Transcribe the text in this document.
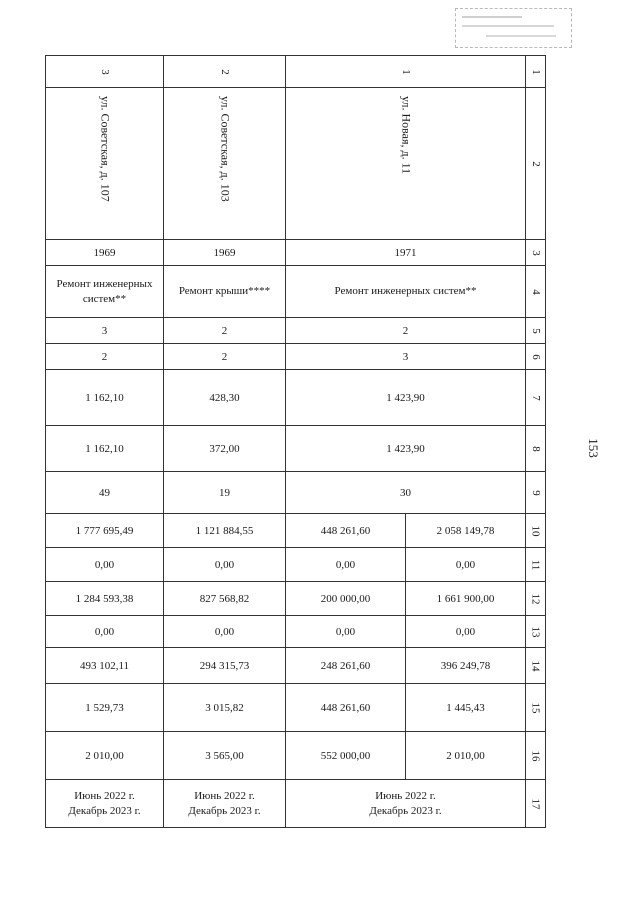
153
3	2	1		1

ул. Советская, д. 107	ул. Советская, д. 103	ул. Новая, д. 11		2
1969	1969	1971		3
Ремонт инженерных систем**	Ремонт крыши****	Ремонт инженерных систем**		4
3	2	2		5
2	2	3		6
1 162,10	428,30	1 423,90		7
1 162,10	372,00	1 423,90		8
49	19	30		9
1 777 695,49	1 121 884,55	448 261,60	2 058 149,78	10
0,00	0,00	0,00	0,00	11
1 284 593,38	827 568,82	200 000,00	1 661 900,00	12
0,00	0,00	0,00	0,00	13
493 102,11	294 315,73	248 261,60	396 249,78	14
1 529,73	3 015,82	448 261,60	1 445,43	15
2 010,00	3 565,00	552 000,00	2 010,00	16

Июнь 2022 г.
Декабрь 2023 г.	Июнь 2022 г.
Декабрь 2023 г.	Июнь 2022 г.
Декабрь 2023 г.		17
